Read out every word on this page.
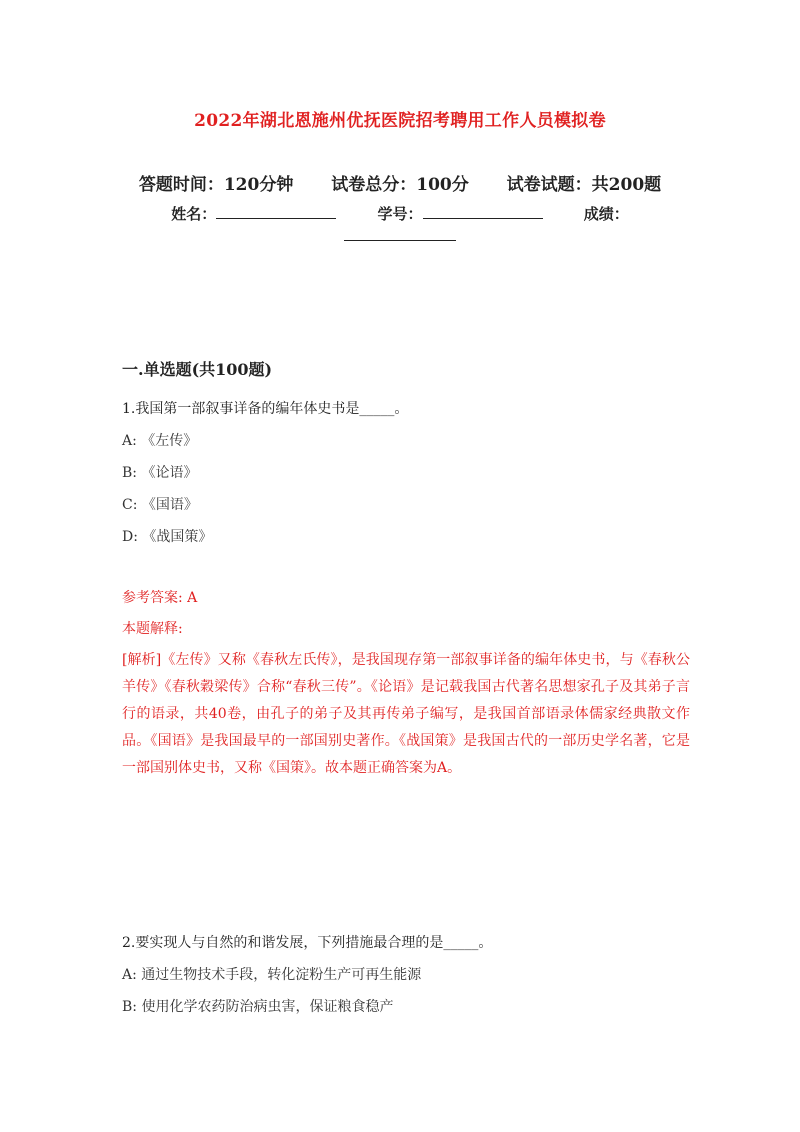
2022年湖北恩施州优抚医院招考聘用工作人员模拟卷
答题时间：120分钟 试卷总分：100分 试卷试题：共200题
姓名：	学号：	成绩：
一.单选题(共100题)
1.我国第一部叙事详备的编年体史书是_____。
A: 《左传》
B: 《论语》
C: 《国语》
D: 《战国策》
参考答案: A
本题解释:
[解析]《左传》又称《春秋左氏传》，是我国现存第一部叙事详备的编年体史书，与《春秋公羊传》《春秋穀梁传》合称“春秋三传”。《论语》是记载我国古代著名思想家孔子及其弟子言行的语录，共40卷，由孔子的弟子及其再传弟子编写，是我国首部语录体儒家经典散文作品。《国语》是我国最早的一部国别史著作。《战国策》是我国古代的一部历史学名著，它是一部国别体史书，又称《国策》。故本题正确答案为A。
2.要实现人与自然的和谐发展，下列措施最合理的是_____。
A: 通过生物技术手段，转化淀粉生产可再生能源
B: 使用化学农药防治病虫害，保证粮食稳产
